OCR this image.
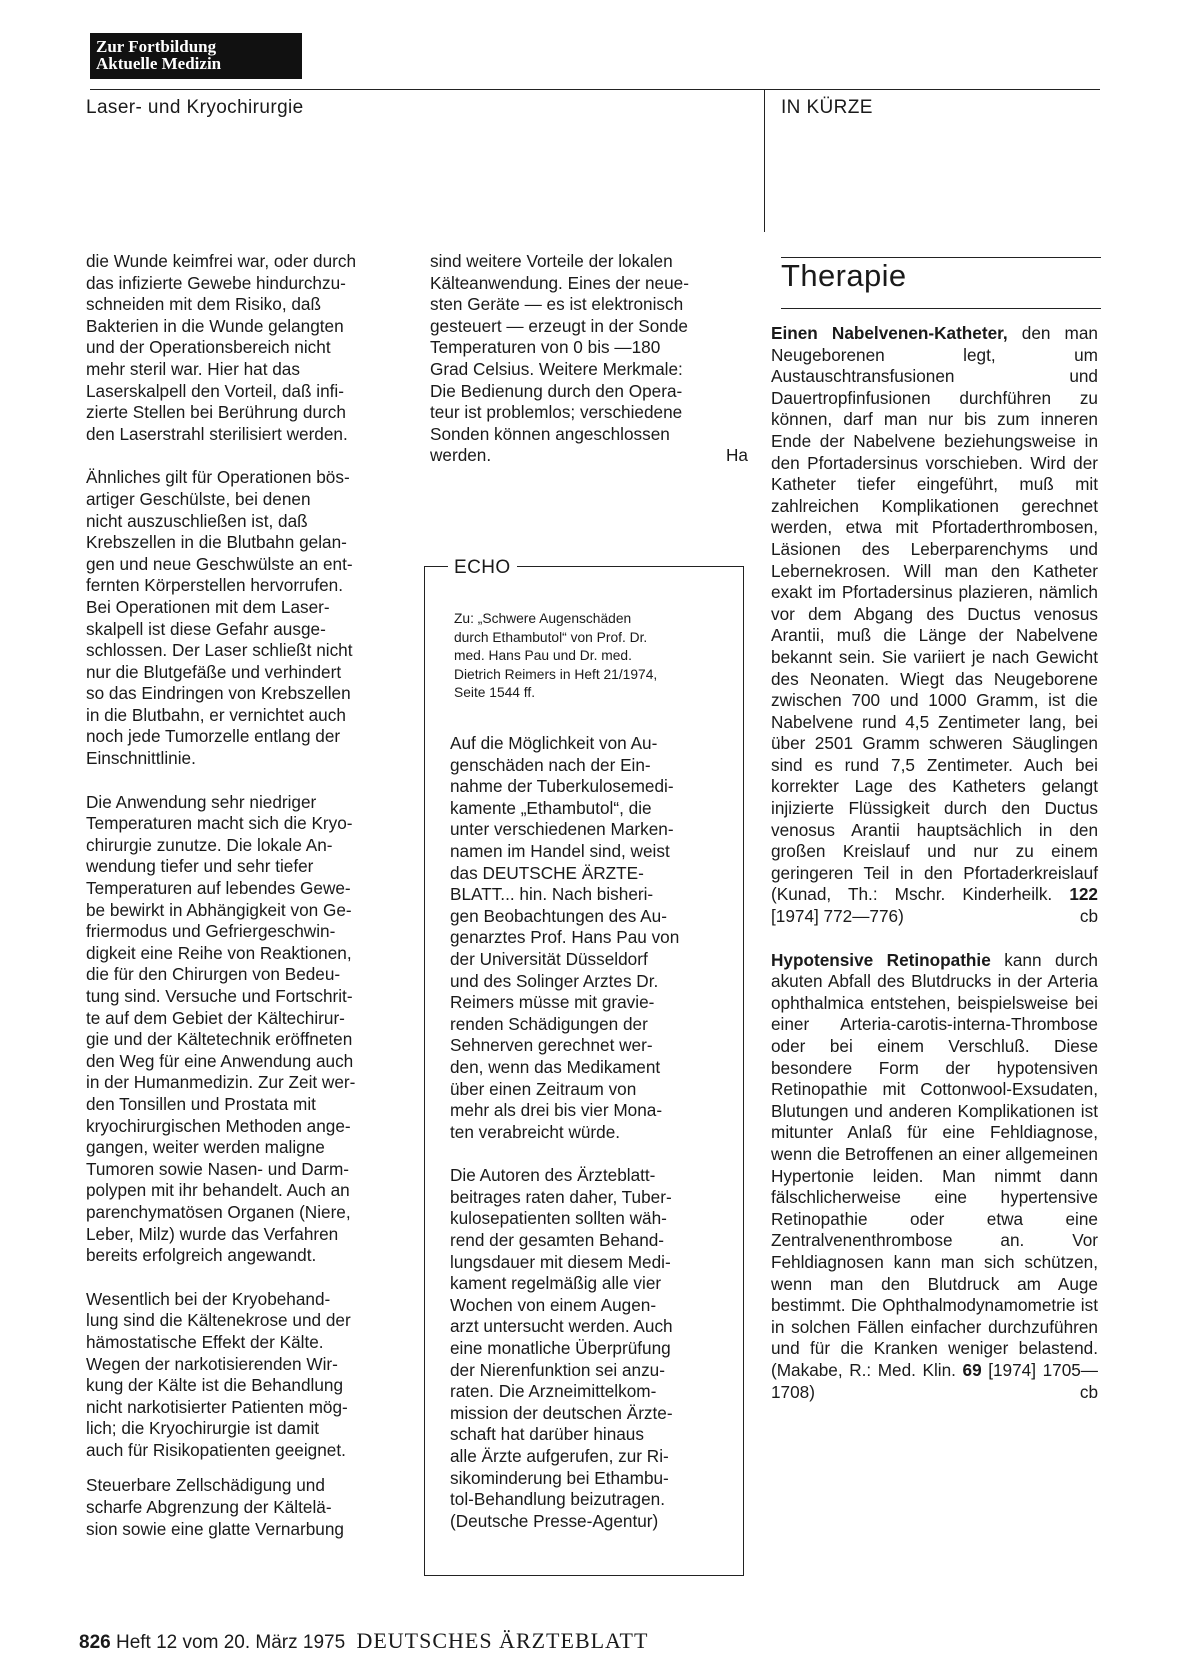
Zur Fortbildung
Aktuelle Medizin
Laser- und Kryochirurgie	IN KÜRZE

die Wunde keimfrei war, oder durch
das infizierte Gewebe hindurchzu-
schneiden mit dem Risiko, daß
Bakterien in die Wunde gelangten
und der Operationsbereich nicht
mehr steril war. Hier hat das
Laserskalpell den Vorteil, daß infi-
zierte Stellen bei Berührung durch
den Laserstrahl sterilisiert werden.

Ähnliches gilt für Operationen bös-
artiger Geschülste, bei denen
nicht auszuschließen ist, daß
Krebszellen in die Blutbahn gelan-
gen und neue Geschwülste an ent-
fernten Körperstellen hervorrufen.
Bei Operationen mit dem Laser-
skalpell ist diese Gefahr ausge-
schlossen. Der Laser schließt nicht
nur die Blutgefäße und verhindert
so das Eindringen von Krebszellen
in die Blutbahn, er vernichtet auch
noch jede Tumorzelle entlang der
Einschnittlinie.

Die Anwendung sehr niedriger
Temperaturen macht sich die Kryo-
chirurgie zunutze. Die lokale An-
wendung tiefer und sehr tiefer
Temperaturen auf lebendes Gewe-
be bewirkt in Abhängigkeit von Ge-
friermodus und Gefriergeschwin-
digkeit eine Reihe von Reaktionen,
die für den Chirurgen von Bedeu-
tung sind. Versuche und Fortschrit-
te auf dem Gebiet der Kältechirur-
gie und der Kältetechnik eröffneten
den Weg für eine Anwendung auch
in der Humanmedizin. Zur Zeit wer-
den Tonsillen und Prostata mit
kryochirurgischen Methoden ange-
gangen, weiter werden maligne
Tumoren sowie Nasen- und Darm-
polypen mit ihr behandelt. Auch an
parenchymatösen Organen (Niere,
Leber, Milz) wurde das Verfahren
bereits erfolgreich angewandt.

Wesentlich bei der Kryobehand-
lung sind die Kältenekrose und der
hämostatische Effekt der Kälte.
Wegen der narkotisierenden Wir-
kung der Kälte ist die Behandlung
nicht narkotisierter Patienten mög-
lich; die Kryochirurgie ist damit
auch für Risikopatienten geeignet.

Steuerbare Zellschädigung und
scharfe Abgrenzung der Kältelä-
sion sowie eine glatte Vernarbung

sind weitere Vorteile der lokalen
Kälteanwendung. Eines der neue-
sten Geräte — es ist elektronisch
gesteuert — erzeugt in der Sonde
Temperaturen von 0 bis —180
Grad Celsius. Weitere Merkmale:
Die Bedienung durch den Opera-
teur ist problemlos; verschiedene
Sonden können angeschlossen
werden.	Ha

ECHO
Zu: „Schwere Augenschäden
durch Ethambutol“ von Prof. Dr.
med. Hans Pau und Dr. med.
Dietrich Reimers in Heft 21/1974,
Seite 1544 ff.

Auf die Möglichkeit von Au-
genschäden nach der Ein-
nahme der Tuberkulosemedi-
kamente „Ethambutol“, die
unter verschiedenen Marken-
namen im Handel sind, weist
das DEUTSCHE ÄRZTE-
BLATT... hin. Nach bisheri-
gen Beobachtungen des Au-
genarztes Prof. Hans Pau von
der Universität Düsseldorf
und des Solinger Arztes Dr.
Reimers müsse mit gravie-
renden Schädigungen der
Sehnerven gerechnet wer-
den, wenn das Medikament
über einen Zeitraum von
mehr als drei bis vier Mona-
ten verabreicht würde.

Die Autoren des Ärzteblatt-
beitrages raten daher, Tuber-
kulosepatienten sollten wäh-
rend der gesamten Behand-
lungsdauer mit diesem Medi-
kament regelmäßig alle vier
Wochen von einem Augen-
arzt untersucht werden. Auch
eine monatliche Überprüfung
der Nierenfunktion sei anzu-
raten. Die Arzneimittelkom-
mission der deutschen Ärzte-
schaft hat darüber hinaus
alle Ärzte aufgerufen, zur Ri-
sikominderung bei Ethambu-
tol-Behandlung beizutragen.
(Deutsche Presse-Agentur)

Therapie

Einen Nabelvenen-Katheter, den man Neugeborenen legt, um Austauschtransfusionen und Dauertropfinfusionen durchführen zu können, darf man nur bis zum inneren Ende der Nabelvene beziehungsweise in den Pfortadersinus vorschieben. Wird der Katheter tiefer eingeführt, muß mit zahlreichen Komplikationen gerechnet werden, etwa mit Pfortaderthrombosen, Läsionen des Leberparenchyms und Lebernekrosen. Will man den Katheter exakt im Pfortadersinus plazieren, nämlich vor dem Abgang des Ductus venosus Arantii, muß die Länge der Nabelvene bekannt sein. Sie variiert je nach Gewicht des Neonaten. Wiegt das Neugeborene zwischen 700 und 1000 Gramm, ist die Nabelvene rund 4,5 Zentimeter lang, bei über 2501 Gramm schweren Säuglingen sind es rund 7,5 Zentimeter. Auch bei korrekter Lage des Katheters gelangt injizierte Flüssigkeit durch den Ductus venosus Arantii hauptsächlich in den großen Kreislauf und nur zu einem geringeren Teil in den Pfortaderkreislauf (Kunad, Th.: Mschr. Kinderheilk. 122 [1974] 772—776)	cb

Hypotensive Retinopathie kann durch akuten Abfall des Blutdrucks in der Arteria ophthalmica entstehen, beispielsweise bei einer Arteria-carotis-interna-Thrombose oder bei einem Verschluß. Diese besondere Form der hypotensiven Retinopathie mit Cottonwool-Exsudaten, Blutungen und anderen Komplikationen ist mitunter Anlaß für eine Fehldiagnose, wenn die Betroffenen an einer allgemeinen Hypertonie leiden. Man nimmt dann fälschlicherweise eine hypertensive Retinopathie oder etwa eine Zentralvenenthrombose an. Vor Fehldiagnosen kann man sich schützen, wenn man den Blutdruck am Auge bestimmt. Die Ophthalmodynamometrie ist in solchen Fällen einfacher durchzuführen und für die Kranken weniger belastend. (Makabe, R.: Med. Klin. 69 [1974] 1705—1708)	cb

826 Heft 12 vom 20. März 1975 DEUTSCHES ÄRZTEBLATT
